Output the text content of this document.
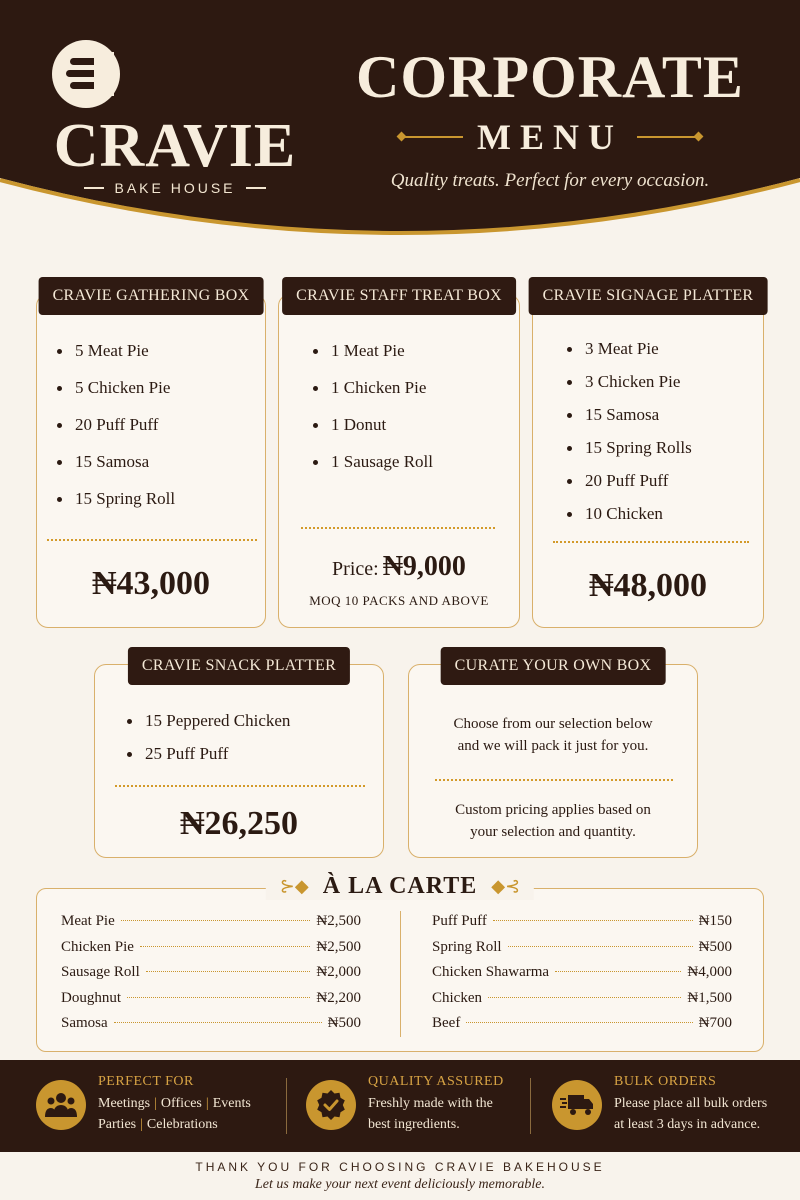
CRAVIE
BAKE HOUSE
CORPORATE
MENU
Quality treats. Perfect for every occasion.
CRAVIE GATHERING BOX
5 Meat Pie
5 Chicken Pie
20 Puff Puff
15 Samosa
15 Spring Roll
₦43,000
CRAVIE STAFF TREAT BOX
1 Meat Pie
1 Chicken Pie
1 Donut
1 Sausage Roll
Price: ₦9,000
MOQ 10 PACKS AND ABOVE
CRAVIE SIGNAGE PLATTER
3 Meat Pie
3 Chicken Pie
15 Samosa
15 Spring Rolls
20 Puff Puff
10 Chicken
₦48,000
CRAVIE SNACK PLATTER
15 Peppered Chicken
25 Puff Puff
₦26,250
CURATE YOUR OWN BOX
Choose from our selection below
and we will pack it just for you.
Custom pricing applies based on
your selection and quantity.
⊱◆ À LA CARTE ◆⊰
Meat Pie	₦2,500
Chicken Pie	₦2,500
Sausage Roll	₦2,000
Doughnut	₦2,200
Samosa	₦500
Puff Puff	₦150
Spring Roll	₦500
Chicken Shawarma	₦4,000
Chicken	₦1,500
Beef	₦700
PERFECT FOR
Meetings | Offices | Events
Parties | Celebrations
QUALITY ASSURED
Freshly made with the
best ingredients.
BULK ORDERS
Please place all bulk orders
at least 3 days in advance.
THANK YOU FOR CHOOSING CRAVIE BAKEHOUSE
Let us make your next event deliciously memorable.
